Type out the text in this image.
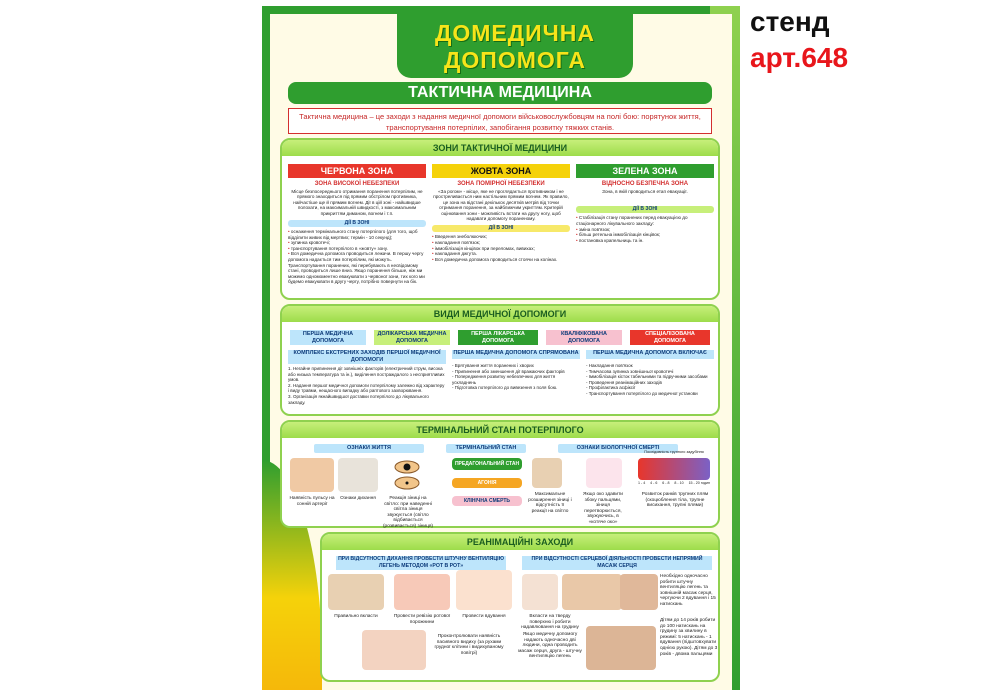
ДОМЕДИЧНА
ДОПОМОГА
ТАКТИЧНА МЕДИЦИНА
Тактична медицина – це заходи з надання медичної допомоги військовослужбовцям на полі бою: порятунок життя, транспортування потерпілих, запобігання розвитку тяжких станів.
ЗОНИ ТАКТИЧНОЇ МЕДИЦИНИ
ЧЕРВОНА ЗОНА
ЗОНА ВИСОКОЇ НЕБЕЗПЕКИ
Місце безпосереднього отримання поранення потерпілим, не прямого знаходиться під прямим обстрілом противника, найчастіше ще й прямим вогнем. Дії в цій зоні - найшвидше полохати, на максимальній швидкості, з максимальним прикриттям диманом, вогнем і т.п.
ДІЇ В ЗОНІ
• оснаження термінального стану потерпілого (для того, щоб відділити живих від мертвих; термін - 10 секунд);
• зупинка кровотечі;
• транспортування потерпілого в «жовту» зону.
• Вся домедична допомога проводиться лежачи. В першу чергу допомога надається тим потерпілим, які можуть. Транспортування поранених, які перебувають в несвідомому стані, проводиться лише вниз. Якщо поранення більше, ніж ми можемо одномоментно евакуювати з червоної зони, тих кого ми будемо евакуювати в другу чергу, потрібно повернути на бік.
ЖОВТА ЗОНА
ЗОНА ПОМІРНОЇ НЕБЕЗПЕКИ
«За рогом» - місце, яке не проглядається противником і не простреливається ним настільним прямим вогнем. Як правило, це зона на відстані декількох десятків метрів від точки отримання поранення, за найближчим укриттям. Критерій оцінювання зони - можливість встати на другу ногу, щоб надавати допомогу пораненому.
ДІЇ В ЗОНІ
• Введення знеболюючих;
• накладання пов'язок;
• іммобілізація кінцівок при переломах, вивихах;
• накладання джгута.
• Вся домедична допомога проводиться стоячи на колінах.
ЗЕЛЕНА ЗОНА
ВІДНОСНО БЕЗПЕЧНА ЗОНА
Зона, в якій проводиться етап евакуації.
ДІЇ В ЗОНІ
• Стабілізація стану поранених перед евакуацією до стаціонарного лікувального закладу:
• зміна пов'язок;
• більш ретельна іммобілізація кінцівок;
• постановка крапельниць та ін.
ВИДИ МЕДИЧНОЇ ДОПОМОГИ
ПЕРША МЕДИЧНА ДОПОМОГА
ДОЛІКАРСЬКА МЕДИЧНА ДОПОМОГА
ПЕРША ЛІКАРСЬКА ДОПОМОГА
КВАЛІФІКОВАНА ДОПОМОГА
СПЕЦІАЛІЗОВАНА ДОПОМОГА
КОМПЛЕКС ЕКСТРЕНИХ ЗАХОДІВ ПЕРШОЇ МЕДИЧНОЇ ДОПОМОГИ
1. Негайне припинення дії зовнішніх факторів (електричний струм, висока або низька температура та ін.), виділення постраждалого з несприятливих умов.
2. Надання першої медичної допомоги потерпілому залежно від характеру і виду травми, нещасного випадку або раптового захворювання.
3. Організація якнайшвидшої доставки потерпілого до лікувального закладу.
ПЕРША МЕДИЧНА ДОПОМОГА СПРЯМОВАНА
- Врятування життя поранених і хворих
- Припинення або зменшення дії вражаючих факторів
- Попередження розвитку небезпечних для життя ускладнень
- Підготовка потерпілого до вивезення з поля бою.
ПЕРША МЕДИЧНА ДОПОМОГА ВКЛЮЧАЄ
- Накладання пов'язок
- Тимчасова зупинка зовнішньої кровотечі
- Іммобілізація кісток табельними та підручними засобами
- Проведення реанімаційних заходів
- Профілактика асфіксії
- Транспортування потерпілого до медичної установи
ТЕРМІНАЛЬНИЙ СТАН ПОТЕРПІЛОГО
ОЗНАКИ ЖИТТЯ
Наявність пульсу на сонній артерії
Ознаки дихання	Реакція зіниці на світло: при наведенні світла зіниця звужується (світло відбивається (розвивається) зіниця)
ТЕРМІНАЛЬНИЙ СТАН
ПРЕДАГОНАЛЬНИЙ СТАН
АГОНІЯ
КЛІНІЧНА СМЕРТЬ
ОЗНАКИ БІОЛОГІЧНОЇ СМЕРТІ
Послідовність трупного задубіння
1 - 4 4 - 6 6 - 8 8 - 10 15 - 20 годин
Максимальне розширення зіниці і відсутність її реакції на світло
Якщо око здавити збоку пальцями, зіниця перетворюється, звужуючись, в «котяче око»
Розвиток ранків трупних плям (скоцюблення тіла, трупне висихання, трупні плями)
РЕАНІМАЦІЙНІ ЗАХОДИ
ПРИ ВІДСУТНОСТІ ДИХАННЯ ПРОВЕСТИ ШТУЧНУ ВЕНТИЛЯЦІЮ ЛЕГЕНЬ МЕТОДОМ «РОТ В РОТ»
Правильно вкласти	Провести ревізію ротової порожнини
Провести вдування
Проконтролювати наявність пасивного видиху (за рухами грудної клітини і видихуваному повітрі)
ПРИ ВІДСУТНОСТІ СЕРЦЕВОЇ ДІЯЛЬНОСТІ ПРОВЕСТИ НЕПРЯМИЙ МАСАЖ СЕРЦЯ
Необхідно одночасно робити штучну вентиляцію легень та зовнішній масаж серця, чергуючи 2 вдування і 15 натискань
Вкласти на тверду поверхню і робити надавлювання на грудину
Якщо медичну допомогу надають одночасно дві людини, одна проводить масаж серця, друга - штучну вентиляцію легень
Дітям до 14 років робити до 100 натискань на грудину за хвилину в режимі: 5 натискань - 1 вдування (підштовхувати однією рукою). Дітям до 3 років - двома пальцями
стенд
арт.648
